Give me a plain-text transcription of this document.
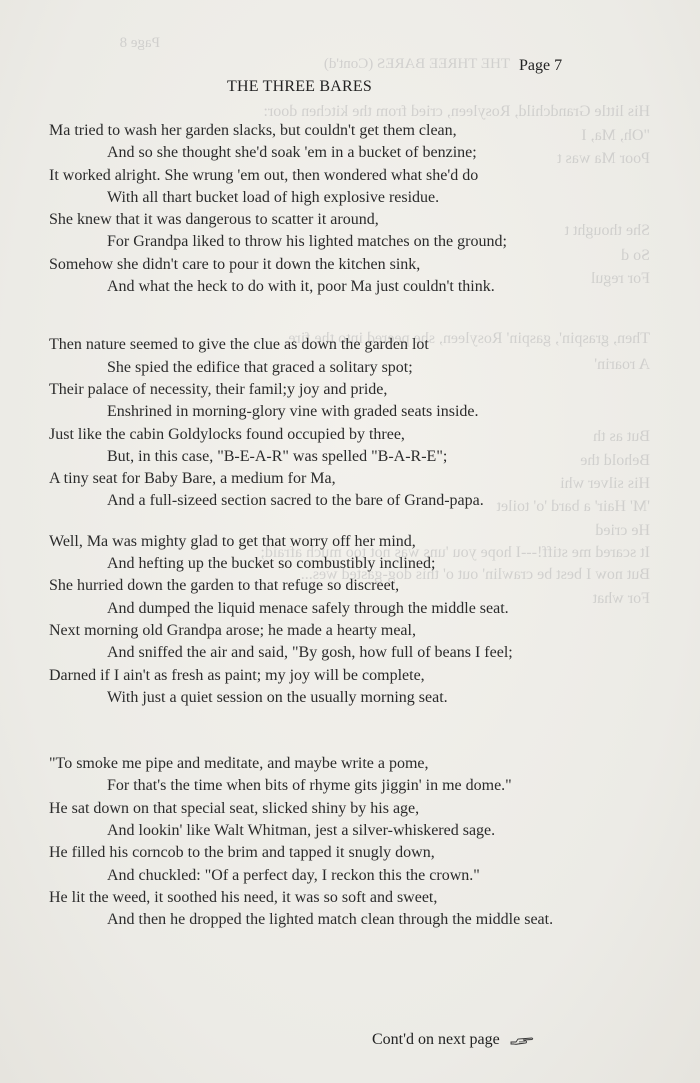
Page 8
THE THREE BARES (Cont'd)
His little Grandchild, Rosyleen, cried from the kitchen door:
"Oh, Ma, I
Poor Ma was t
She thought t
So d
For regul
Then, graspin', gaspin' Rosyleen, she peered into the fire,
A roarin'
But as th
Behold the
His silver whi
'M' Hair' a bard 'o' toilet
He cried
It scared me stiff!---I hope you 'uns was not too much afraid;
But now I best be crawlin' out o' this dog-gasted wes...
For what
Page 7
THE THREE BARES
Ma tried to wash her garden slacks, but couldn't get them clean,
And so she thought she'd soak 'em in a bucket of benzine;
It worked alright. She wrung 'em out, then wondered what she'd do
With all thart bucket load of high explosive residue.
She knew that it was dangerous to scatter it around,
For Grandpa liked to throw his lighted matches on the ground;
Somehow she didn't care to pour it down the kitchen sink,
And what the heck to do with it, poor Ma just couldn't think.
Then nature seemed to give the clue as down the garden lot
She spied the edifice that graced a solitary spot;
Their palace of necessity, their famil;y joy and pride,
Enshrined in morning-glory vine with graded seats inside.
Just like the cabin Goldylocks found occupied by three,
But, in this case, "B-E-A-R" was spelled "B-A-R-E";
A tiny seat for Baby Bare, a medium for Ma,
And a full-sizeed section sacred to the bare of Grand-papa.
Well, Ma was mighty glad to get that worry off her mind,
And hefting up the bucket so combustibly inclined;
She hurried down the garden to that refuge so discreet,
And dumped the liquid menace safely through the middle seat.
Next morning old Grandpa arose; he made a hearty meal,
And sniffed the air and said, "By gosh, how full of beans I feel;
Darned if I ain't as fresh as paint; my joy will be complete,
With just a quiet session on the usually morning seat.
"To smoke me pipe and meditate, and maybe write a pome,
For that's the time when bits of rhyme gits jiggin' in me dome."
He sat down on that special seat, slicked shiny by his age,
And lookin' like Walt Whitman, jest a silver-whiskered sage.
He filled his corncob to the brim and tapped it snugly down,
And chuckled: "Of a perfect day, I reckon this the crown."
He lit the weed, it soothed his need, it was so soft and sweet,
And then he dropped the lighted match clean through the middle seat.
Cont'd on next page
